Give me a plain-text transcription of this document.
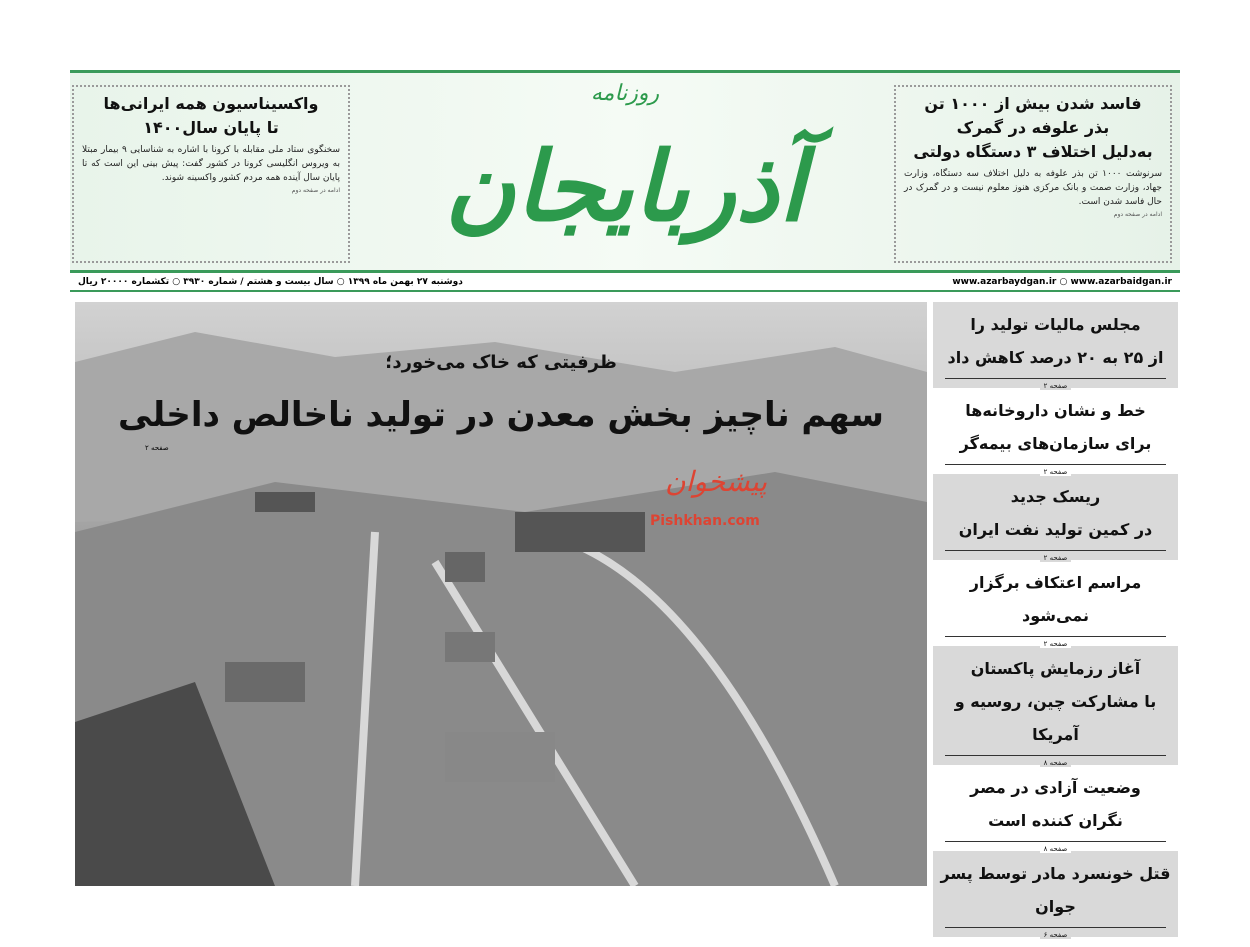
فاسد شدن بیش از ۱۰۰۰ تن
بذر علوفه در گمرک
به‌دلیل اختلاف ۳ دستگاه دولتی

سرنوشت ۱۰۰۰ تن بذر علوفه به دلیل اختلاف سه دستگاه، وزارت جهاد، وزارت صمت و بانک مرکزی هنوز معلوم نیست و در گمرک در حال فاسد شدن است.

ادامه در صفحه دوم
روزنامه
آذربایجان
واکسیناسیون همه ایرانی‌ها
تا پایان سال۱۴۰۰

سخنگوی ستاد ملی مقابله با کرونا با اشاره به شناسایی ۹ بیمار مبتلا به ویروس انگلیسی کرونا در کشور گفت: پیش بینی این است که تا پایان سال آینده همه مردم کشور واکسینه شوند.

ادامه در صفحه دوم
دوشنبه ۲۷ بهمن ماه ۱۳۹۹ ○ سال بیست و هشتم / شماره ۳۹۳۰ ○ تکشماره ۲۰۰۰۰ ریال	www.azarbaydgan.ir ○ www.azarbaidgan.ir
ظرفیتی که خاک می‌خورد؛
سهم ناچیز بخش معدن در تولید ناخالص داخلی
صفحه ۲
پیشخوان
Pishkhan.com
مجلس مالیات تولید را
از ۲۵ به ۲۰ درصد کاهش داد
$^{صفحه ۲}$
خط و نشان داروخانه‌ها
برای سازمان‌های بیمه‌گر
$^{صفحه ۲}$
ریسک جدید
در کمین تولید نفت ایران
$^{صفحه ۲}$
مراسم اعتکاف برگزار نمی‌شود
$^{صفحه ۲}$
آغاز رزمایش پاکستان
با مشارکت چین، روسیه و آمریکا
$^{صفحه ۸}$
وضعیت آزادی در مصر
نگران کننده است
$^{صفحه ۸}$
قتل خونسرد مادر توسط پسر جوان
$^{صفحه ۶}$
